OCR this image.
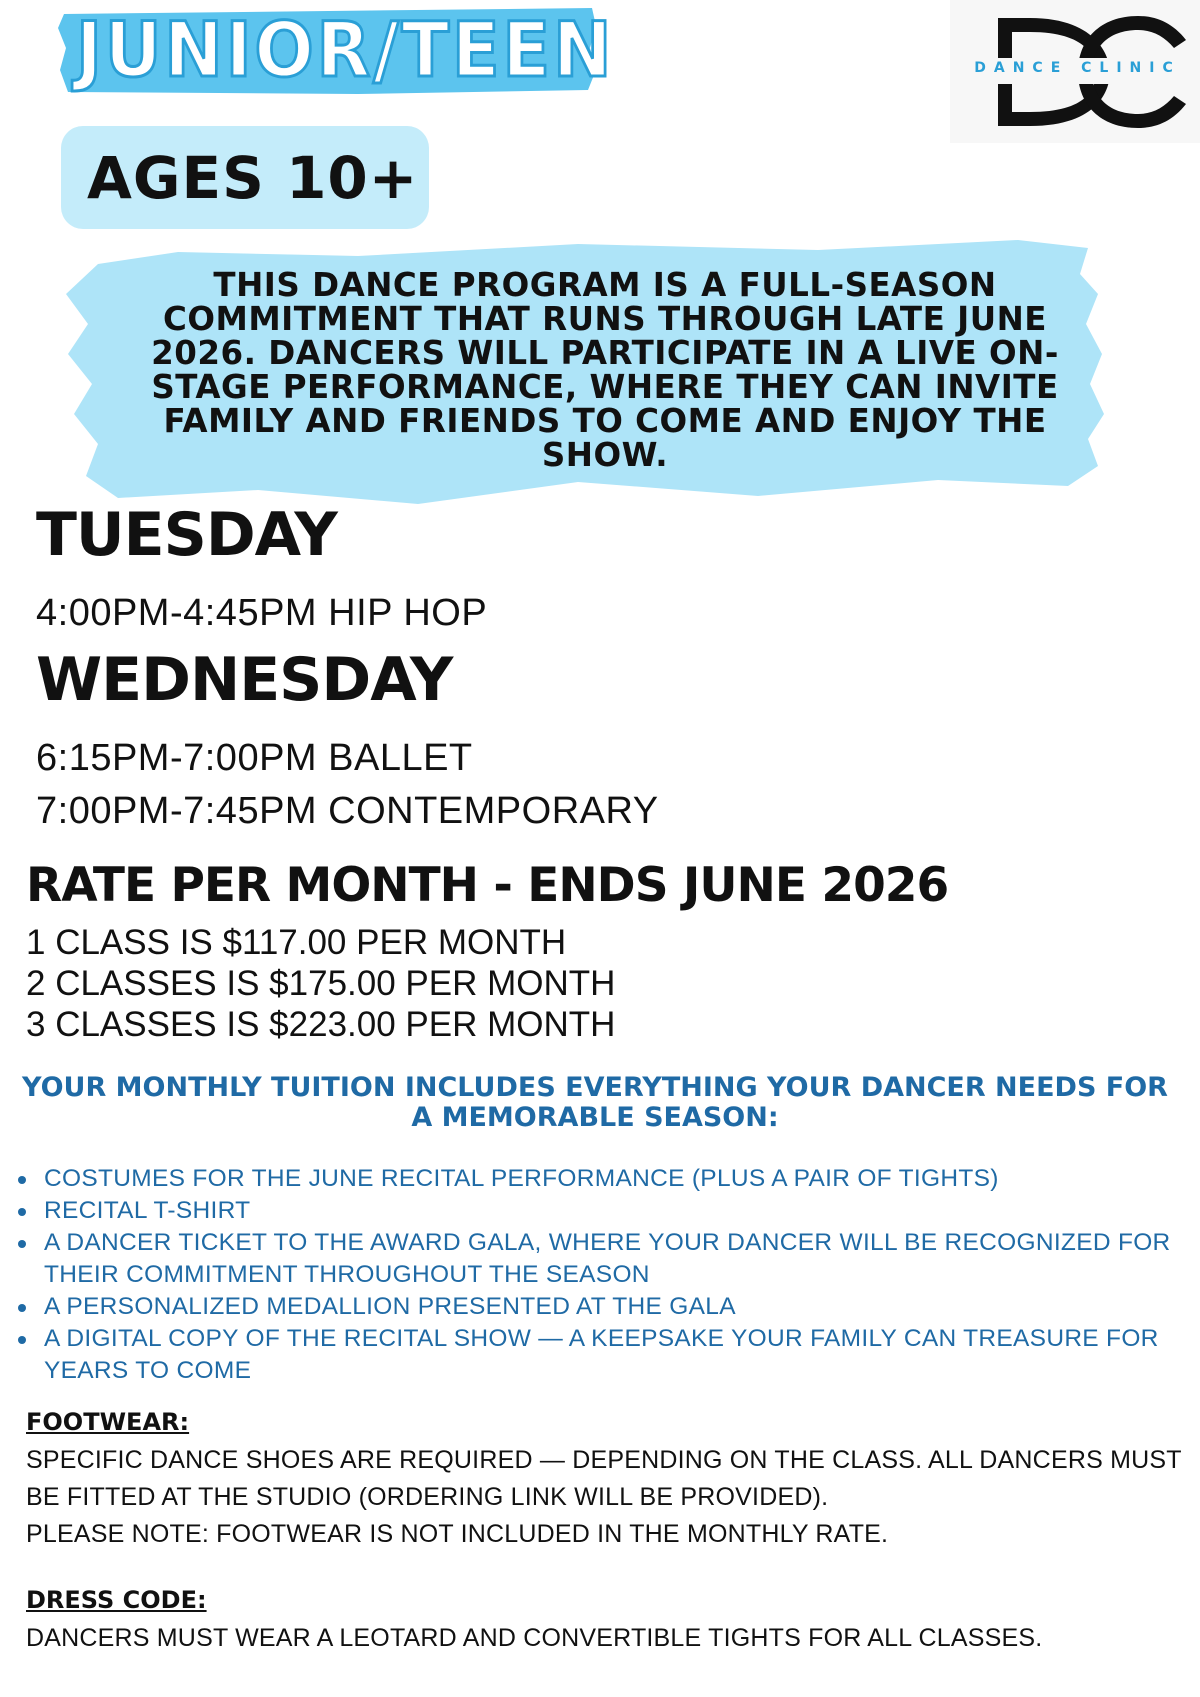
JUNIOR/TEEN	DANCE CLINIC
AGES 10+
THIS DANCE PROGRAM IS A FULL-SEASON COMMITMENT THAT RUNS THROUGH LATE JUNE 2026. DANCERS WILL PARTICIPATE IN A LIVE ON-STAGE PERFORMANCE, WHERE THEY CAN INVITE FAMILY AND FRIENDS TO COME AND ENJOY THE SHOW.
TUESDAY
4:00PM-4:45PM HIP HOP
WEDNESDAY
6:15PM-7:00PM BALLET
7:00PM-7:45PM CONTEMPORARY
RATE PER MONTH - ENDS JUNE 2026
1 CLASS IS $117.00 PER MONTH
2 CLASSES IS $175.00 PER MONTH
3 CLASSES IS $223.00 PER MONTH
YOUR MONTHLY TUITION INCLUDES EVERYTHING YOUR DANCER NEEDS FOR A MEMORABLE SEASON:
COSTUMES FOR THE JUNE RECITAL PERFORMANCE (PLUS A PAIR OF TIGHTS)
RECITAL T-SHIRT
A DANCER TICKET TO THE AWARD GALA, WHERE YOUR DANCER WILL BE RECOGNIZED FOR THEIR COMMITMENT THROUGHOUT THE SEASON
A PERSONALIZED MEDALLION PRESENTED AT THE GALA
A DIGITAL COPY OF THE RECITAL SHOW — A KEEPSAKE YOUR FAMILY CAN TREASURE FOR YEARS TO COME
FOOTWEAR:
SPECIFIC DANCE SHOES ARE REQUIRED — DEPENDING ON THE CLASS. ALL DANCERS MUST BE FITTED AT THE STUDIO (ORDERING LINK WILL BE PROVIDED).
PLEASE NOTE: FOOTWEAR IS NOT INCLUDED IN THE MONTHLY RATE.
DRESS CODE:
DANCERS MUST WEAR A LEOTARD AND CONVERTIBLE TIGHTS FOR ALL CLASSES.
